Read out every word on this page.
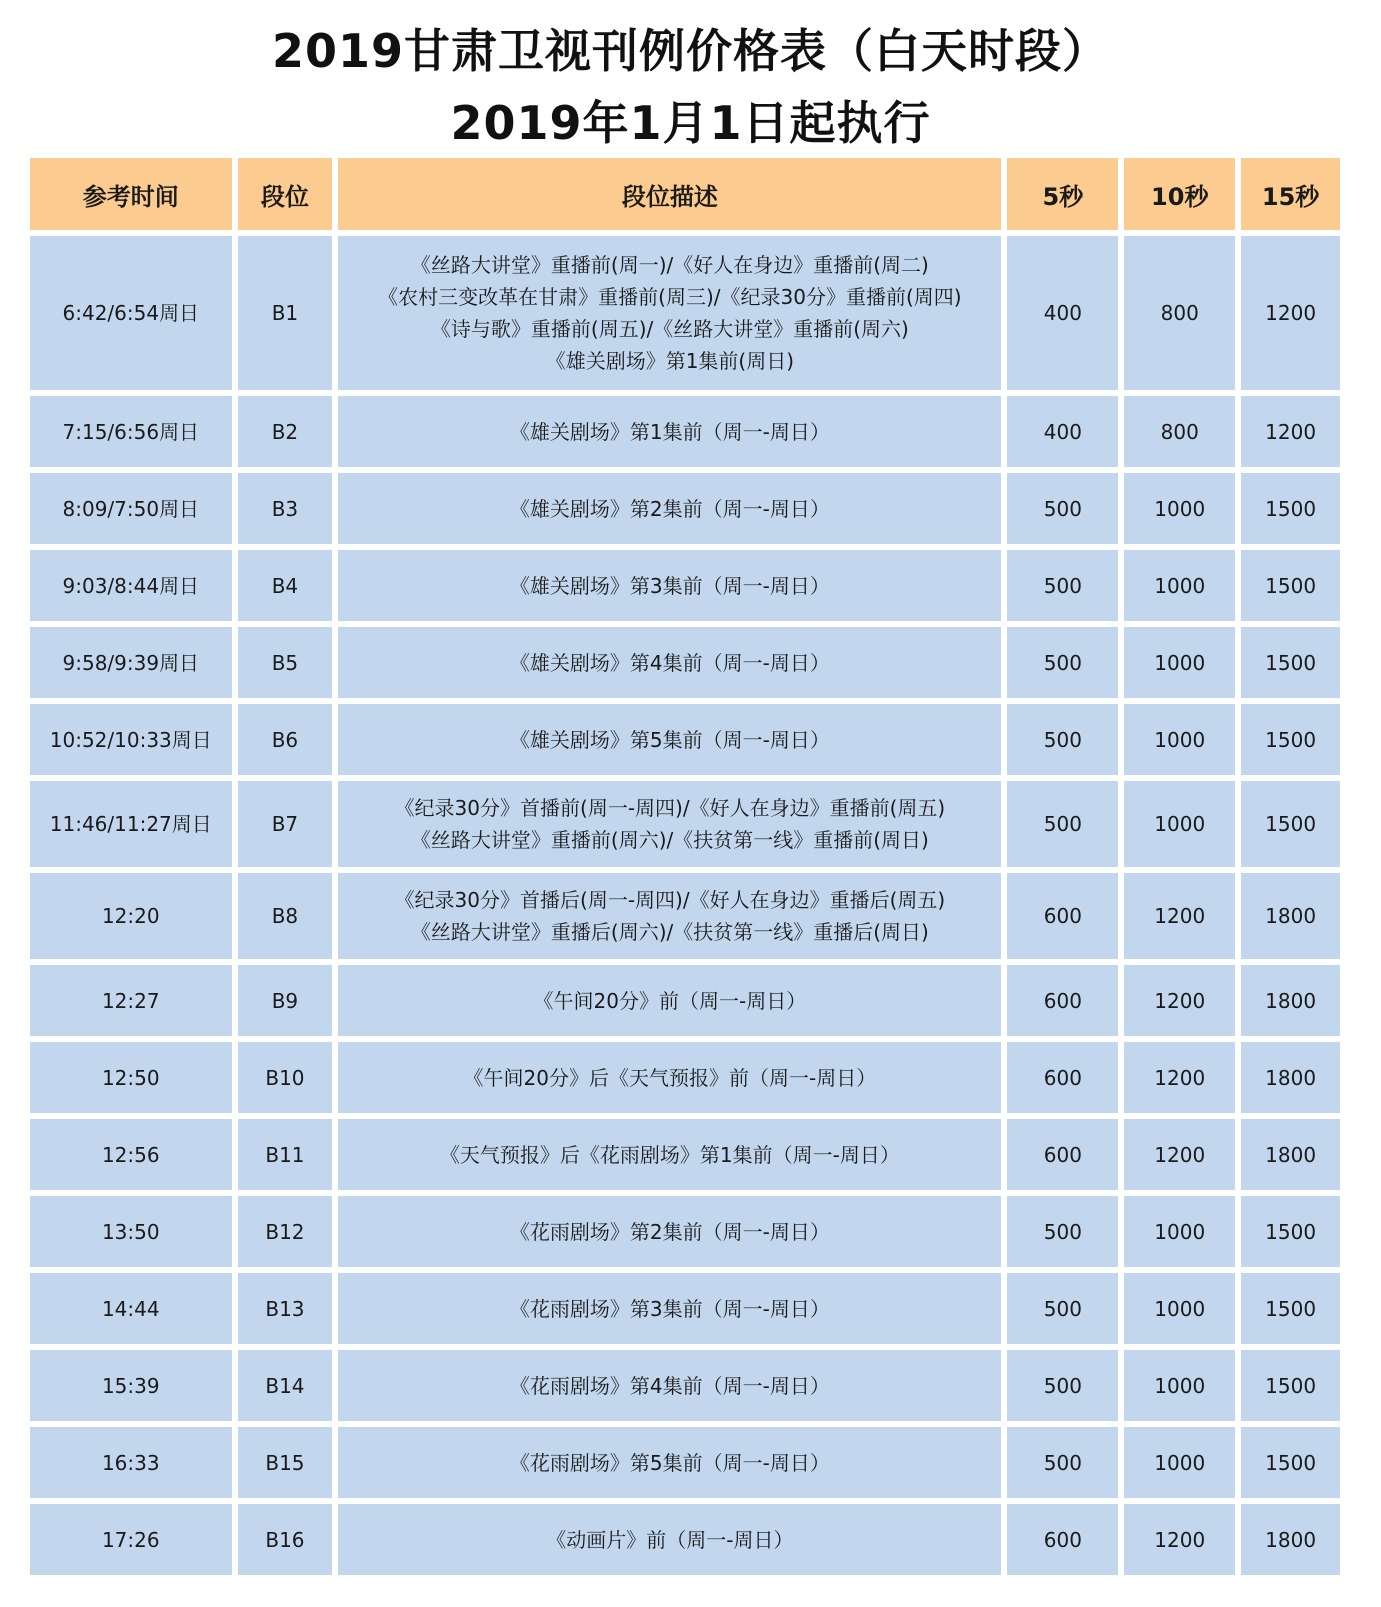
2019甘肃卫视刊例价格表（白天时段）
2019年1月1日起执行
参考时间	段位	段位描述	5秒	10秒	15秒
6:42/6:54周日	B1	《丝路大讲堂》重播前(周一)/《好人在身边》重播前(周二)
《农村三变改革在甘肃》重播前(周三)/《纪录30分》重播前(周四)
《诗与歌》重播前(周五)/《丝路大讲堂》重播前(周六)
《雄关剧场》第1集前(周日)	400	800	1200
7:15/6:56周日	B2	《雄关剧场》第1集前（周一-周日）	400	800	1200
8:09/7:50周日	B3	《雄关剧场》第2集前（周一-周日）	500	1000	1500
9:03/8:44周日	B4	《雄关剧场》第3集前（周一-周日）	500	1000	1500
9:58/9:39周日	B5	《雄关剧场》第4集前（周一-周日）	500	1000	1500
10:52/10:33周日	B6	《雄关剧场》第5集前（周一-周日）	500	1000	1500
11:46/11:27周日	B7	《纪录30分》首播前(周一-周四)/《好人在身边》重播前(周五)
《丝路大讲堂》重播前(周六)/《扶贫第一线》重播前(周日)	500	1000	1500
12:20	B8	《纪录30分》首播后(周一-周四)/《好人在身边》重播后(周五)
《丝路大讲堂》重播后(周六)/《扶贫第一线》重播后(周日)	600	1200	1800
12:27	B9	《午间20分》前（周一-周日）	600	1200	1800
12:50	B10	《午间20分》后《天气预报》前（周一-周日）	600	1200	1800
12:56	B11	《天气预报》后《花雨剧场》第1集前（周一-周日）	600	1200	1800
13:50	B12	《花雨剧场》第2集前（周一-周日）	500	1000	1500
14:44	B13	《花雨剧场》第3集前（周一-周日）	500	1000	1500
15:39	B14	《花雨剧场》第4集前（周一-周日）	500	1000	1500
16:33	B15	《花雨剧场》第5集前（周一-周日）	500	1000	1500
17:26	B16	《动画片》前（周一-周日）	600	1200	1800
